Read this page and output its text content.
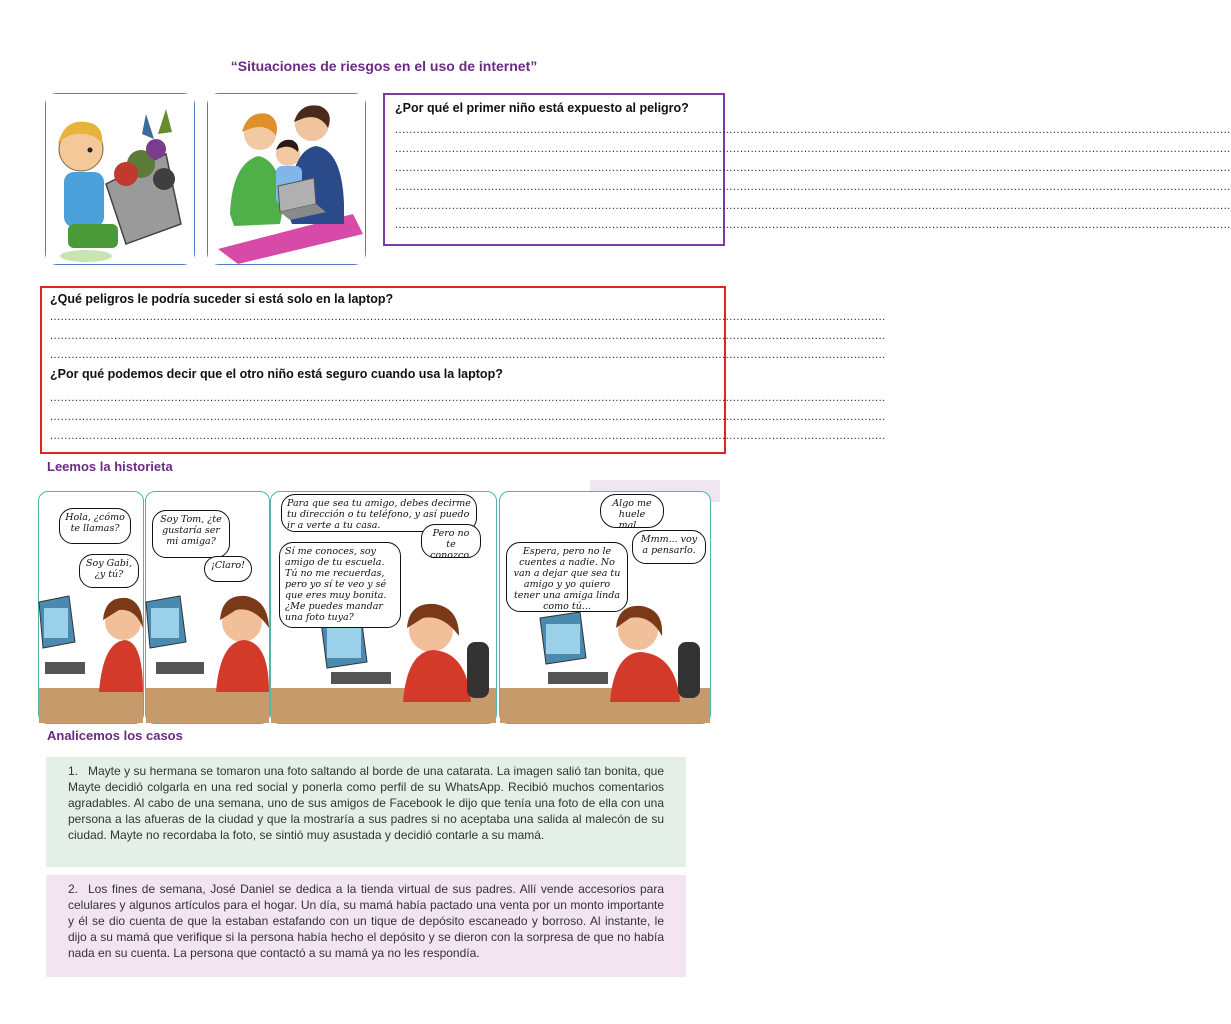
“Situaciones de riesgos en el uso de internet”

¿Por qué el primer niño está expuesto al peligro?

...........................................................................................................................................................................................................................................
...........................................................................................................................................................................................................................................
...........................................................................................................................................................................................................................................
...........................................................................................................................................................................................................................................
...........................................................................................................................................................................................................................................
...........................................................................................................................................................................................................................................

¿Qué peligros le podría suceder si está solo en la laptop?

...........................................................................................................................................................................................................................................
...........................................................................................................................................................................................................................................
...........................................................................................................................................................................................................................................

¿Por qué podemos decir que el otro niño está seguro cuando usa la laptop?

...........................................................................................................................................................................................................................................
...........................................................................................................................................................................................................................................
...........................................................................................................................................................................................................................................
Leemos la historieta
Hola, ¿cómo te llamas?
Soy Gabi, ¿y tú?
Soy Tom, ¿te gustaría ser mi amiga?
¡Claro!
Para que sea tu amigo, debes decirme tu dirección o tu teléfono, y así puedo ir a verte a tu casa.
Pero no te conozco.
Sí me conoces, soy amigo de tu escuela. Tú no me recuerdas, pero yo sí te veo y sé que eres muy bonita. ¿Me puedes mandar una foto tuya?
Algo me huele mal...
Mmm... voy a pensarlo.
Espera, pero no le cuentes a nadie. No van a dejar que sea tu amigo y yo quiero tener una amiga linda como tú...
Analicemos los casos
1. Mayte y su hermana se tomaron una foto saltando al borde de una catarata. La imagen salió tan bonita, que Mayte decidió colgarla en una red social y ponerla como perfil de su WhatsApp. Recibió muchos comentarios agradables. Al cabo de una semana, uno de sus amigos de Facebook le dijo que tenía una foto de ella con una persona a las afueras de la ciudad y que la mostraría a sus padres si no aceptaba una salida al malecón de su ciudad. Mayte no recordaba la foto, se sintió muy asustada y decidió contarle a su mamá.
2. Los fines de semana, José Daniel se dedica a la tienda virtual de sus padres. Allí vende accesorios para celulares y algunos artículos para el hogar. Un día, su mamá había pactado una venta por un monto importante y él se dio cuenta de que la estaban estafando con un tique de depósito escaneado y borroso. Al instante, le dijo a su mamá que verifique si la persona había hecho el depósito y se dieron con la sorpresa de que no había nada en su cuenta. La persona que contactó a su mamá ya no les respondía.
